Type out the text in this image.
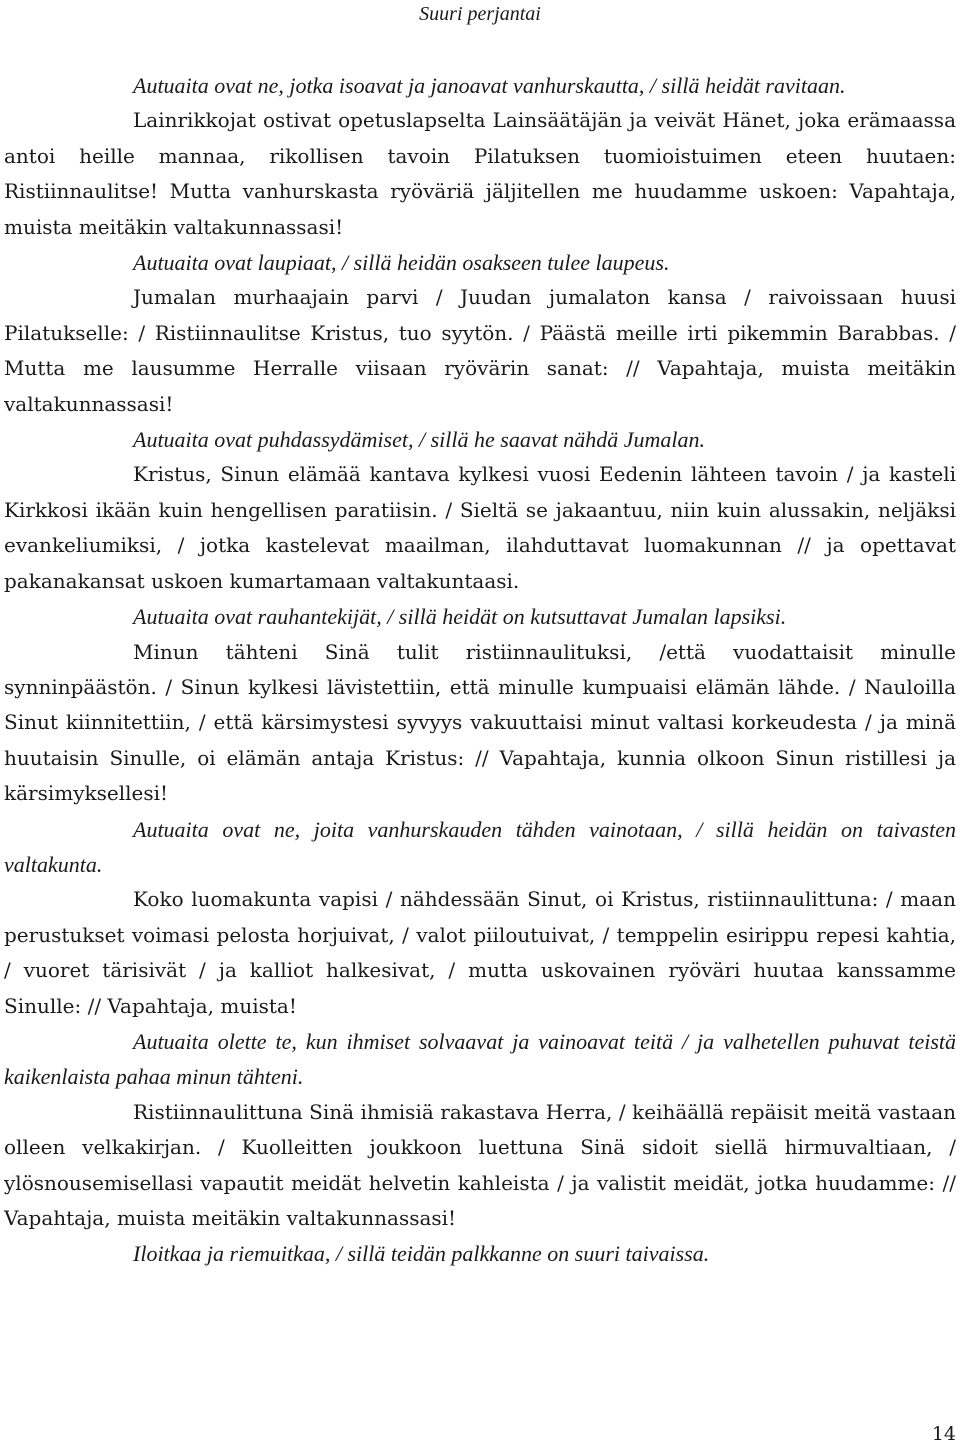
Suuri perjantai

Autuaita ovat ne, jotka isoavat ja janoavat vanhurskautta, / sillä heidät ravitaan.

Lainrikkojat ostivat opetuslapselta Lainsäätäjän ja veivät Hänet, joka erämaassa antoi heille mannaa, rikollisen tavoin Pilatuksen tuomioistuimen eteen huutaen: Ristiinnaulitse! Mutta vanhurskasta ryöväriä jäljitellen me huudamme uskoen: Vapahtaja, muista meitäkin valtakunnassasi!

Autuaita ovat laupiaat, / sillä heidän osakseen tulee laupeus.

Jumalan murhaajain parvi / Juudan jumalaton kansa / raivoissaan huusi Pilatukselle: / Ristiinnaulitse Kristus, tuo syytön. / Päästä meille irti pikemmin Barabbas. / Mutta me lausumme Herralle viisaan ryövärin sanat: // Vapahtaja, muista meitäkin valtakunnassasi!

Autuaita ovat puhdassydämiset, / sillä he saavat nähdä Jumalan.

Kristus, Sinun elämää kantava kylkesi vuosi Eedenin lähteen tavoin / ja kasteli Kirkkosi ikään kuin hengellisen paratiisin. / Sieltä se jakaantuu, niin kuin alussakin, neljäksi evankeliumiksi, / jotka kastelevat maailman, ilahduttavat luomakunnan // ja opettavat pakanakansat uskoen kumartamaan valtakuntaasi.

Autuaita ovat rauhantekijät, / sillä heidät on kutsuttavat Jumalan lapsiksi.

Minun tähteni Sinä tulit ristiinnaulituksi, /että vuodattaisit minulle synninpäästön. / Sinun kylkesi lävistettiin, että minulle kumpuaisi elämän lähde. / Nauloilla Sinut kiinnitettiin, / että kärsimystesi syvyys vakuuttaisi minut valtasi korkeudesta / ja minä huutaisin Sinulle, oi elämän antaja Kristus: // Vapahtaja, kunnia olkoon Sinun ristillesi ja kärsimyksellesi!

Autuaita ovat ne, joita vanhurskauden tähden vainotaan, / sillä heidän on taivasten valtakunta.

Koko luomakunta vapisi / nähdessään Sinut, oi Kristus, ristiinnaulittuna: / maan perustukset voimasi pelosta horjuivat, / valot piiloutuivat, / temppelin esirippu repesi kahtia, / vuoret tärisivät / ja kalliot halkesivat, / mutta uskovainen ryöväri huutaa kanssamme Sinulle: // Vapahtaja, muista!

Autuaita olette te, kun ihmiset solvaavat ja vainoavat teitä / ja valhetellen puhuvat teistä kaikenlaista pahaa minun tähteni.

Ristiinnaulittuna Sinä ihmisiä rakastava Herra, / keihäällä repäisit meitä vastaan olleen velkakirjan. / Kuolleitten joukkoon luettuna Sinä sidoit siellä hirmuvaltiaan, / ylösnousemisellasi vapautit meidät helvetin kahleista / ja valistit meidät, jotka huudamme: // Vapahtaja, muista meitäkin valtakunnassasi!

Iloitkaa ja riemuitkaa, / sillä teidän palkkanne on suuri taivaissa.

14
